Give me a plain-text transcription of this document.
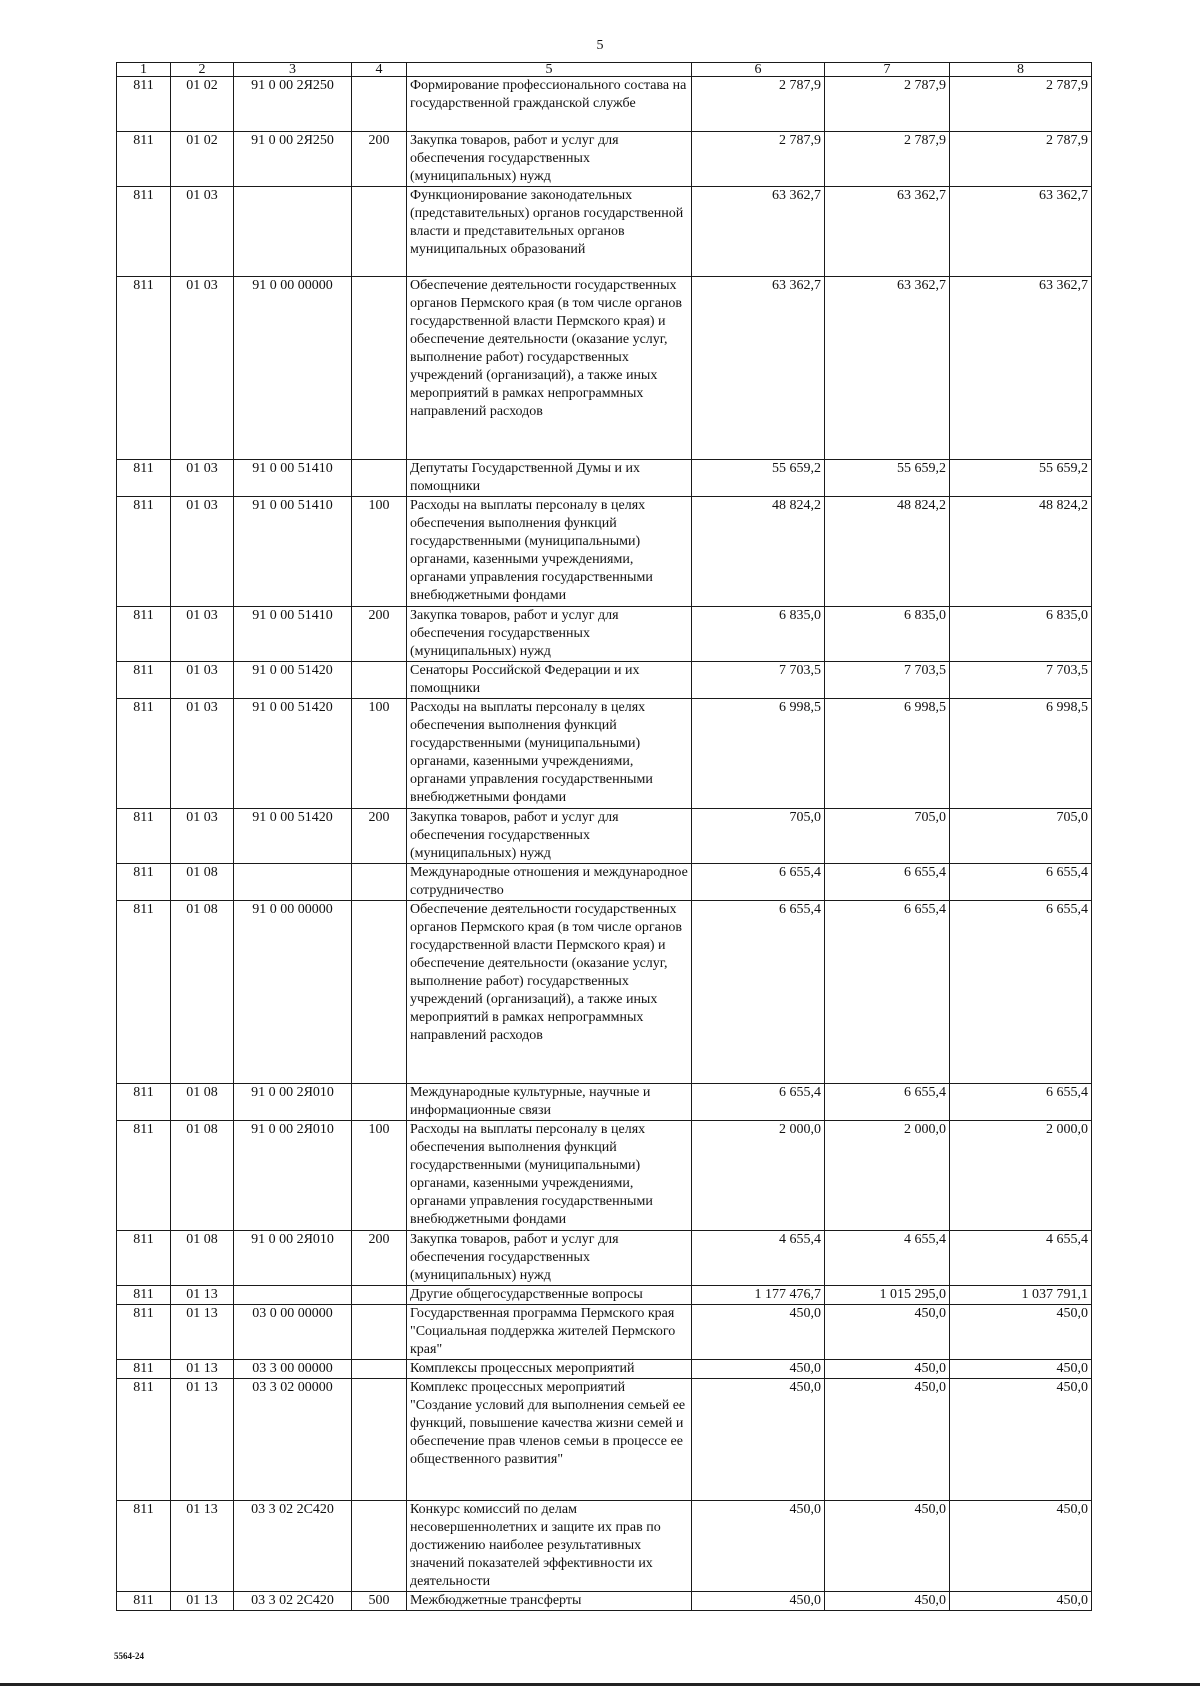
5
1	2	3	4	5	6	7	8
811	01 02	91 0 00 2Я250		Формирование профессионального состава на государственной гражданской службе	2 787,9	2 787,9	2 787,9
811	01 02	91 0 00 2Я250	200	Закупка товаров, работ и услуг для обеспечения государственных (муниципальных) нужд	2 787,9	2 787,9	2 787,9
811	01 03			Функционирование законодательных (представительных) органов государственной власти и представительных органов муниципальных образований	63 362,7	63 362,7	63 362,7
811	01 03	91 0 00 00000		Обеспечение деятельности государственных органов Пермского края (в том числе органов государственной власти Пермского края) и обеспечение деятельности (оказание услуг, выполнение работ) государственных учреждений (организаций), а также иных мероприятий в рамках непрограммных направлений расходов	63 362,7	63 362,7	63 362,7
811	01 03	91 0 00 51410		Депутаты Государственной Думы и их помощники	55 659,2	55 659,2	55 659,2
811	01 03	91 0 00 51410	100	Расходы на выплаты персоналу в целях обеспечения выполнения функций государственными (муниципальными) органами, казенными учреждениями, органами управления государственными внебюджетными фондами	48 824,2	48 824,2	48 824,2
811	01 03	91 0 00 51410	200	Закупка товаров, работ и услуг для обеспечения государственных (муниципальных) нужд	6 835,0	6 835,0	6 835,0
811	01 03	91 0 00 51420		Сенаторы Российской Федерации и их помощники	7 703,5	7 703,5	7 703,5
811	01 03	91 0 00 51420	100	Расходы на выплаты персоналу в целях обеспечения выполнения функций государственными (муниципальными) органами, казенными учреждениями, органами управления государственными внебюджетными фондами	6 998,5	6 998,5	6 998,5
811	01 03	91 0 00 51420	200	Закупка товаров, работ и услуг для обеспечения государственных (муниципальных) нужд	705,0	705,0	705,0
811	01 08			Международные отношения и международное сотрудничество	6 655,4	6 655,4	6 655,4
811	01 08	91 0 00 00000		Обеспечение деятельности государственных органов Пермского края (в том числе органов государственной власти Пермского края) и обеспечение деятельности (оказание услуг, выполнение работ) государственных учреждений (организаций), а также иных мероприятий в рамках непрограммных направлений расходов	6 655,4	6 655,4	6 655,4
811	01 08	91 0 00 2Я010		Международные культурные, научные и информационные связи	6 655,4	6 655,4	6 655,4
811	01 08	91 0 00 2Я010	100	Расходы на выплаты персоналу в целях обеспечения выполнения функций государственными (муниципальными) органами, казенными учреждениями, органами управления государственными внебюджетными фондами	2 000,0	2 000,0	2 000,0
811	01 08	91 0 00 2Я010	200	Закупка товаров, работ и услуг для обеспечения государственных (муниципальных) нужд	4 655,4	4 655,4	4 655,4
811	01 13			Другие общегосударственные вопросы	1 177 476,7	1 015 295,0	1 037 791,1
811	01 13	03 0 00 00000		Государственная программа Пермского края "Социальная поддержка жителей Пермского края"	450,0	450,0	450,0
811	01 13	03 3 00 00000		Комплексы процессных мероприятий	450,0	450,0	450,0
811	01 13	03 3 02 00000		Комплекс процессных мероприятий "Создание условий для выполнения семьей ее функций, повышение качества жизни семей и обеспечение прав членов семьи в процессе ее общественного развития"	450,0	450,0	450,0
811	01 13	03 3 02 2С420		Конкурс комиссий по делам несовершеннолетних и защите их прав по достижению наиболее результативных значений показателей эффективности их деятельности	450,0	450,0	450,0
811	01 13	03 3 02 2С420	500	Межбюджетные трансферты	450,0	450,0	450,0
5564-24
